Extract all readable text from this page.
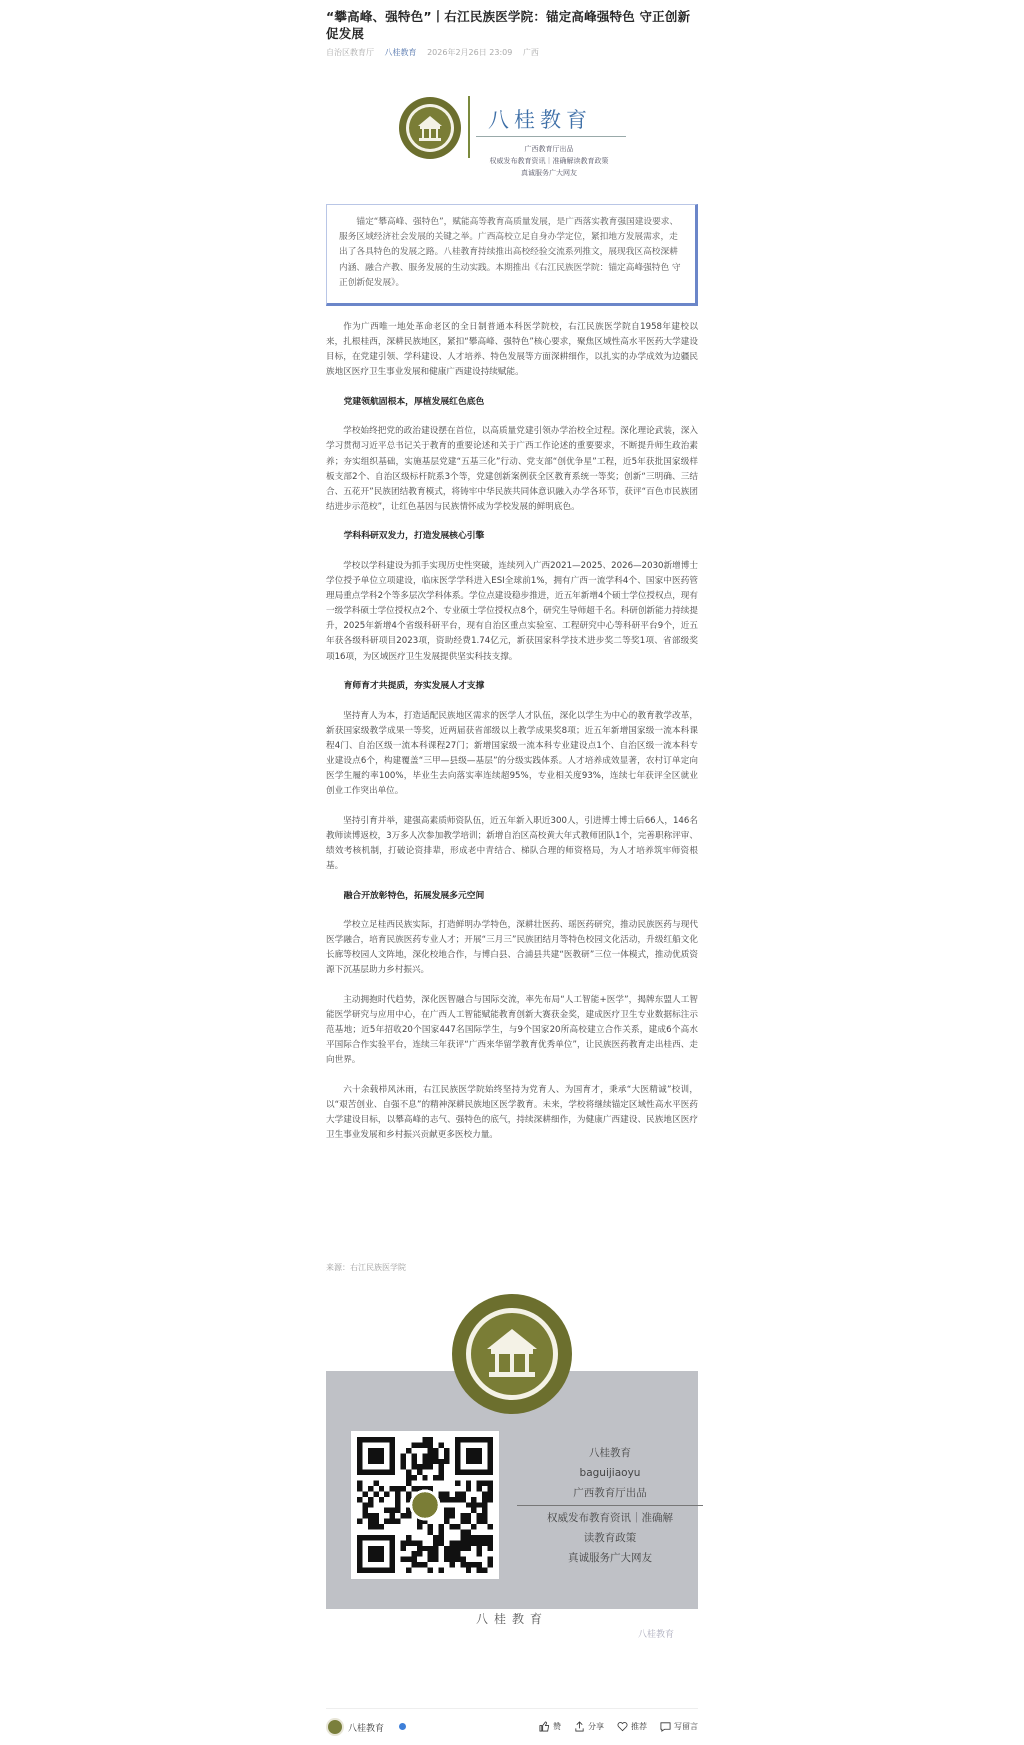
“攀高峰、强特色”丨右江民族医学院：锚定高峰强特色 守正创新促发展
自治区教育厅 八桂教育 2026年2月26日 23:09 广西
八桂教育
广西教育厅出品
权威发布教育资讯｜准确解读教育政策
真诚服务广大网友
锚定“攀高峰、强特色”，赋能高等教育高质量发展，是广西落实教育强国建设要求、服务区域经济社会发展的关键之举。广西高校立足自身办学定位，紧扣地方发展需求，走出了各具特色的发展之路。八桂教育持续推出高校经验交流系列推文，展现我区高校深耕内涵、融合产教、服务发展的生动实践。本期推出《右江民族医学院：锚定高峰强特色 守正创新促发展》。

作为广西唯一地处革命老区的全日制普通本科医学院校，右江民族医学院自1958年建校以来，扎根桂西，深耕民族地区，紧扣“攀高峰、强特色”核心要求，聚焦区域性高水平医药大学建设目标，在党建引领、学科建设、人才培养、特色发展等方面深耕细作，以扎实的办学成效为边疆民族地区医疗卫生事业发展和健康广西建设持续赋能。

党建领航固根本，厚植发展红色底色

学校始终把党的政治建设摆在首位，以高质量党建引领办学治校全过程。深化理论武装，深入学习贯彻习近平总书记关于教育的重要论述和关于广西工作论述的重要要求，不断提升师生政治素养；夯实组织基础，实施基层党建“五基三化”行动、党支部“创优争星”工程，近5年获批国家级样板支部2个、自治区级标杆院系3个等，党建创新案例获全区教育系统一等奖；创新“三明确、三结合、五花开”民族团结教育模式，将铸牢中华民族共同体意识融入办学各环节，获评“百色市民族团结进步示范校”，让红色基因与民族情怀成为学校发展的鲜明底色。

学科科研双发力，打造发展核心引擎

学校以学科建设为抓手实现历史性突破，连续列入广西2021—2025、2026—2030新增博士学位授予单位立项建设，临床医学学科进入ESI全球前1%，拥有广西一流学科4个、国家中医药管理局重点学科2个等多层次学科体系。学位点建设稳步推进，近五年新增4个硕士学位授权点，现有一级学科硕士学位授权点2个、专业硕士学位授权点8个，研究生导师超千名。科研创新能力持续提升，2025年新增4个省级科研平台，现有自治区重点实验室、工程研究中心等科研平台9个，近五年获各级科研项目2023项，资助经费1.74亿元，新获国家科学技术进步奖二等奖1项、省部级奖项16项，为区域医疗卫生发展提供坚实科技支撑。

育师育才共提质，夯实发展人才支撑

坚持育人为本，打造适配民族地区需求的医学人才队伍，深化以学生为中心的教育教学改革，新获国家级教学成果一等奖，近两届获省部级以上教学成果奖8项；近五年新增国家级一流本科课程4门、自治区级一流本科课程27门；新增国家级一流本科专业建设点1个、自治区级一流本科专业建设点6个，构建覆盖“三甲—县级—基层”的分级实践体系。人才培养成效显著，农村订单定向医学生履约率100%，毕业生去向落实率连续超95%，专业相关度93%，连续七年获评全区就业创业工作突出单位。

坚持引育并举，建强高素质师资队伍，近五年新入职近300人，引进博士博士后66人，146名教师读博返校，3万多人次参加教学培训；新增自治区高校黄大年式教师团队1个，完善职称评审、绩效考核机制，打破论资排辈，形成老中青结合、梯队合理的师资格局，为人才培养筑牢师资根基。

融合开放彰特色，拓展发展多元空间

学校立足桂西民族实际，打造鲜明办学特色，深耕壮医药、瑶医药研究，推动民族医药与现代医学融合，培育民族医药专业人才；开展“三月三”民族团结月等特色校园文化活动，升级红船文化长廊等校园人文阵地，深化校地合作，与博白县、合浦县共建“医教研”三位一体模式，推动优质资源下沉基层助力乡村振兴。

主动拥抱时代趋势，深化医智融合与国际交流，率先布局“人工智能+医学”，揭牌东盟人工智能医学研究与应用中心，在广西人工智能赋能教育创新大赛获金奖，建成医疗卫生专业数据标注示范基地；近5年招收20个国家447名国际学生，与9个国家20所高校建立合作关系，建成6个高水平国际合作实验平台，连续三年获评“广西来华留学教育优秀单位”，让民族医药教育走出桂西、走向世界。

六十余载栉风沐雨，右江民族医学院始终坚持为党育人、为国育才，秉承“大医精诚”校训，以“艰苦创业、自强不息”的精神深耕民族地区医学教育。未来，学校将继续锚定区域性高水平医药大学建设目标，以攀高峰的志气、强特色的底气，持续深耕细作，为健康广西建设、民族地区医疗卫生事业发展和乡村振兴贡献更多医校力量。

来源：右江民族医学院
八桂教育
baguijiaoyu
广西教育厅出品
权威发布教育资讯｜准确解
读教育政策
真诚服务广大网友
八桂教育
八桂教育
八桂教育	赞	分享	推荐	写留言
